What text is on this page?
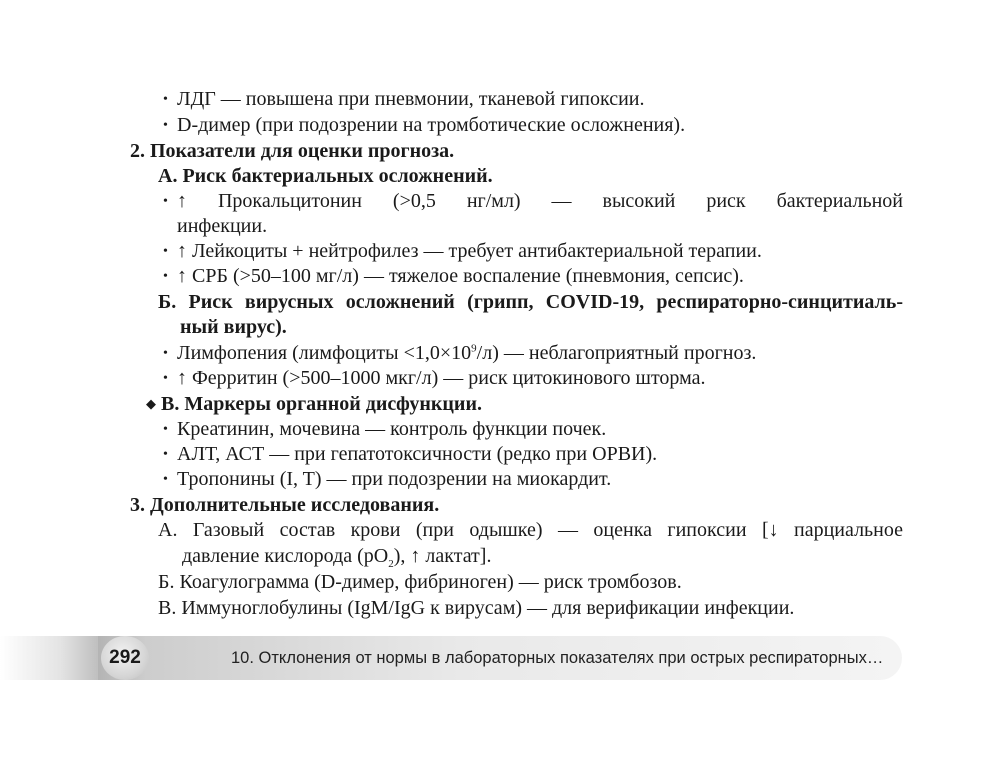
• ЛДГ — повышена при пневмонии, тканевой гипоксии.
• D-димер (при подозрении на тромботические осложнения).
2. Показатели для оценки прогноза.
А. Риск бактериальных осложнений.
• ↑ Прокальцитонин (>0,5 нг/мл) — высокий риск бактериальной
инфекции.
• ↑ Лейкоциты + нейтрофилез — требует антибактериальной терапии.
• ↑ СРБ (>50–100 мг/л) — тяжелое воспаление (пневмония, сепсис).
Б. Риск вирусных осложнений (грипп, COVID-19, респираторно-синцитиаль-
ный вирус).
• Лимфопения (лимфоциты $<1,0\times 10^9/л$) — неблагоприятный прогноз.
• ↑ Ферритин (>500–1000 мкг/л) — риск цитокинового шторма.
◆ В. Маркеры органной дисфункции.
• Креатинин, мочевина — контроль функции почек.
• АЛТ, АСТ — при гепатотоксичности (редко при ОРВИ).
• Тропонины (I, T) — при подозрении на миокардит.
3. Дополнительные исследования.
А. Газовый состав крови (при одышке) — оценка гипоксии [↓ парциальное
давление кислорода $(pO_2)$, ↑ лактат].
Б. Коагулограмма (D-димер, фибриноген) — риск тромбозов.
В. Иммуноглобулины (IgM/IgG к вирусам) — для верификации инфекции.
292	10. Отклонения от нормы в лабораторных показателях при острых респираторных…
